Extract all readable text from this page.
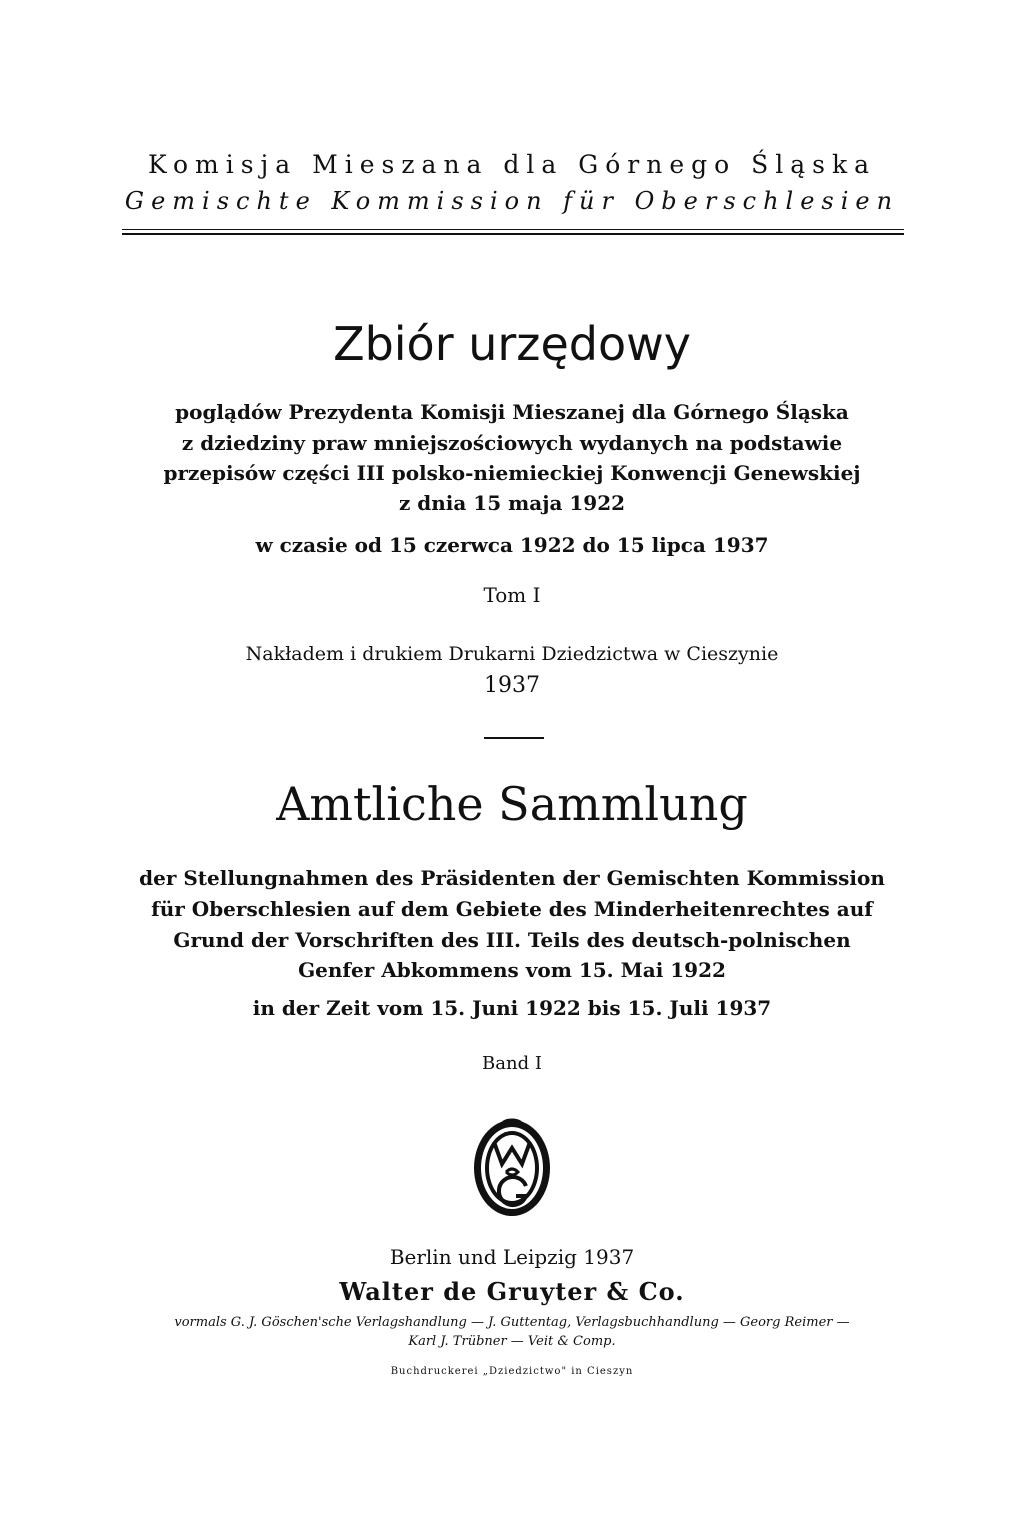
Komisja Mieszana dla Górnego Śląska
Gemischte Kommission für Oberschlesien
Zbiór urzędowy
poglądów Prezydenta Komisji Mieszanej dla Górnego Śląska
z dziedziny praw mniejszościowych wydanych na podstawie
przepisów części III polsko-niemieckiej Konwencji Genewskiej
z dnia 15 maja 1922
w czasie od 15 czerwca 1922 do 15 lipca 1937
Tom I
Nakładem i drukiem Drukarni Dziedzictwa w Cieszynie
1937
Amtliche Sammlung
der Stellungnahmen des Präsidenten der Gemischten Kommission
für Oberschlesien auf dem Gebiete des Minderheitenrechtes auf
Grund der Vorschriften des III. Teils des deutsch-polnischen
Genfer Abkommens vom 15. Mai 1922
in der Zeit vom 15. Juni 1922 bis 15. Juli 1937
Band I
Berlin und Leipzig 1937
Walter de Gruyter & Co.
vormals G. J. Göschen'sche Verlagshandlung — J. Guttentag, Verlagsbuchhandlung — Georg Reimer —
Karl J. Trübner — Veit & Comp.
Buchdruckerei „Dziedzictwo" in Cieszyn
